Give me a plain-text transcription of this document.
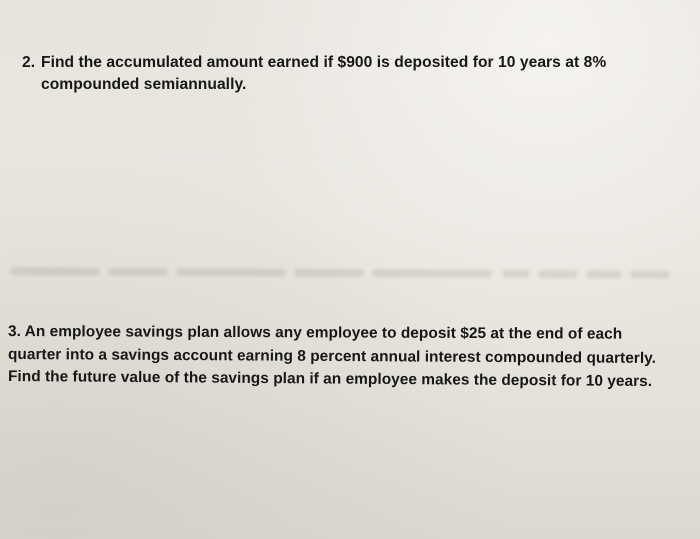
2. Find the accumulated amount earned if $900 is deposited for 10 years at 8%
compounded semiannually.
3. An employee savings plan allows any employee to deposit $25 at the end of each
quarter into a savings account earning 8 percent annual interest compounded quarterly.
Find the future value of the savings plan if an employee makes the deposit for 10 years.
